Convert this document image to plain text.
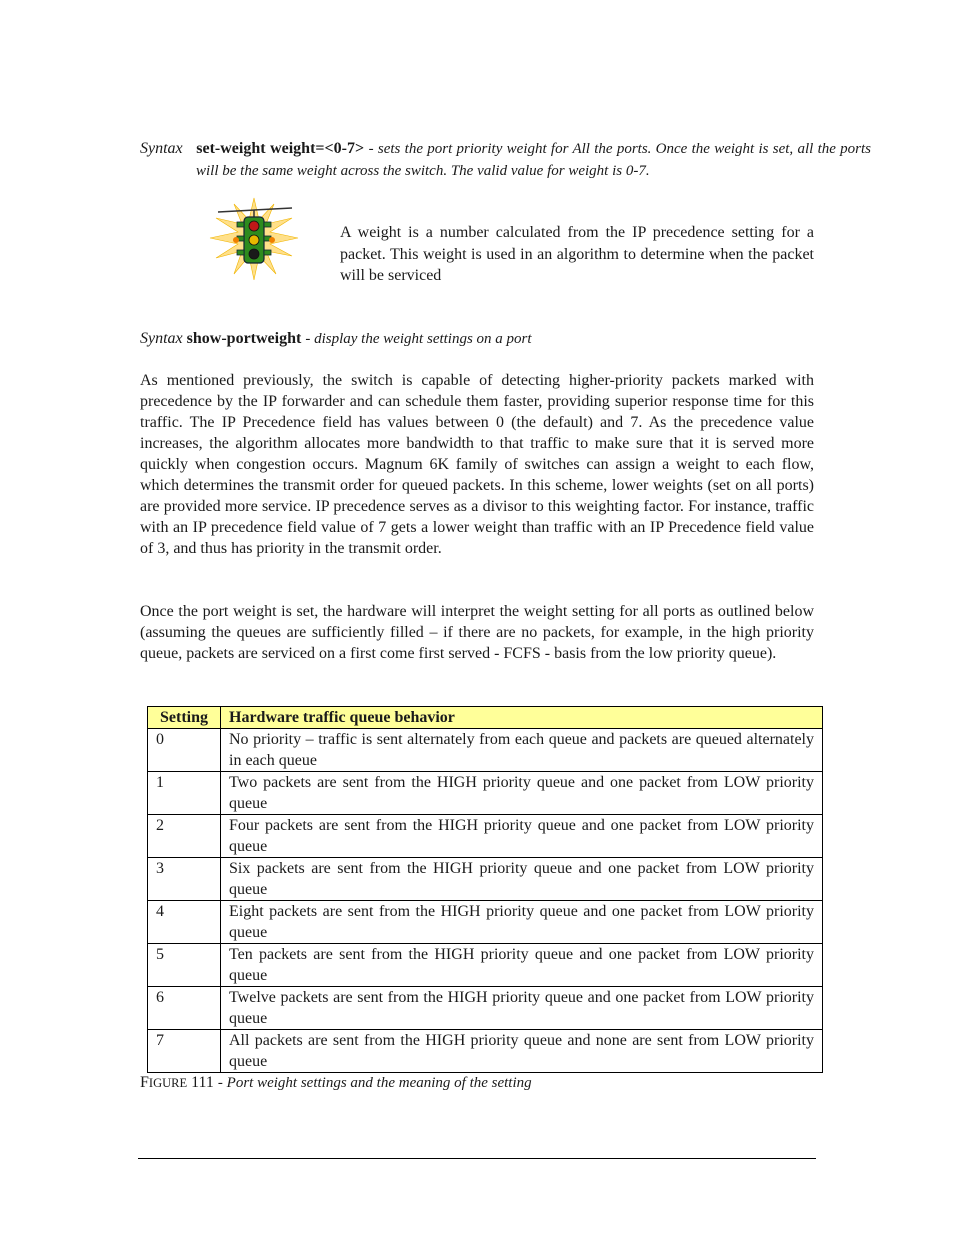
Syntax set-weight weight=<0-7> - sets the port priority weight for All the ports. Once the weight is set, all the ports will be the same weight across the switch. The valid value for weight is 0-7.

A weight is a number calculated from the IP precedence setting for a packet. This weight is used in an algorithm to determine when the packet will be serviced

Syntax show-portweight - display the weight settings on a port

As mentioned previously, the switch is capable of detecting higher-priority packets marked with precedence by the IP forwarder and can schedule them faster, providing superior response time for this traffic. The IP Precedence field has values between 0 (the default) and 7. As the precedence value increases, the algorithm allocates more bandwidth to that traffic to make sure that it is served more quickly when congestion occurs. Magnum 6K family of switches can assign a weight to each flow, which determines the transmit order for queued packets. In this scheme, lower weights (set on all ports) are provided more service. IP precedence serves as a divisor to this weighting factor. For instance, traffic with an IP precedence field value of 7 gets a lower weight than traffic with an IP Precedence field value of 3, and thus has priority in the transmit order.

Once the port weight is set, the hardware will interpret the weight setting for all ports as outlined below (assuming the queues are sufficiently filled – if there are no packets, for example, in the high priority queue, packets are serviced on a first come first served - FCFS - basis from the low priority queue).

Setting	Hardware traffic queue behavior
0	No priority – traffic is sent alternately from each queue and packets are queued alternately in each queue
1	Two packets are sent from the HIGH priority queue and one packet from LOW priority queue
2	Four packets are sent from the HIGH priority queue and one packet from LOW priority queue
3	Six packets are sent from the HIGH priority queue and one packet from LOW priority queue
4	Eight packets are sent from the HIGH priority queue and one packet from LOW priority queue
5	Ten packets are sent from the HIGH priority queue and one packet from LOW priority queue
6	Twelve packets are sent from the HIGH priority queue and one packet from LOW priority queue
7	All packets are sent from the HIGH priority queue and none are sent from LOW priority queue
FIGURE 111 - Port weight settings and the meaning of the setting
